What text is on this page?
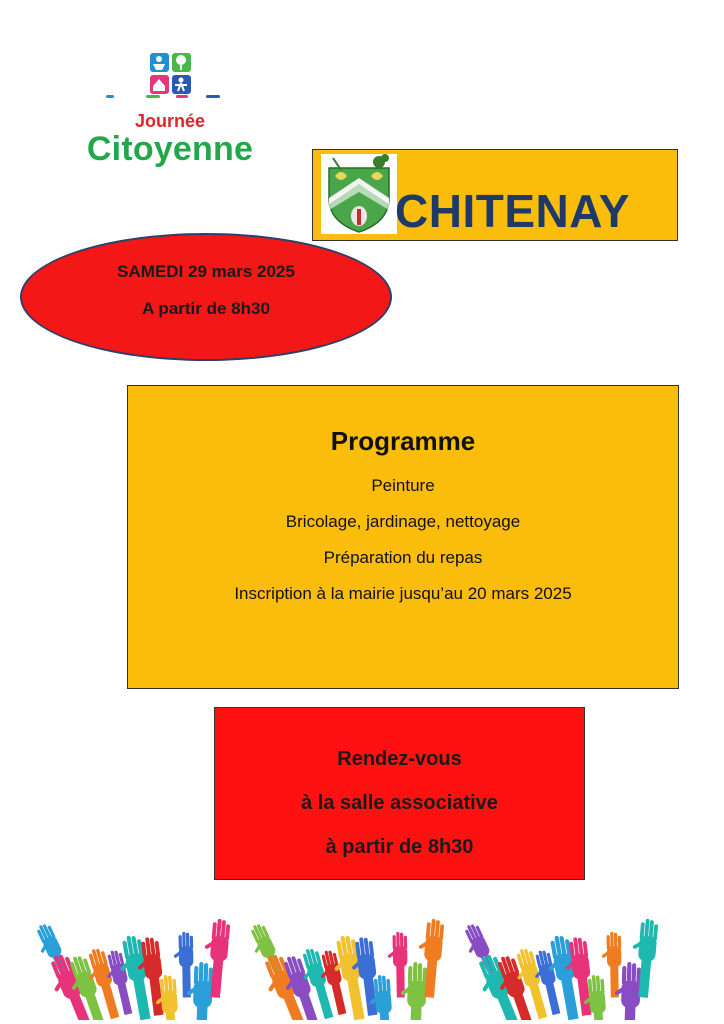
Journée
Citoyenne
CHITENAY
SAMEDI 29 mars 2025
A partir de 8h30
Programme
Peinture
Bricolage, jardinage, nettoyage
Préparation du repas
Inscription à la mairie jusqu’au 20 mars 2025
Rendez-vous
à la salle associative
à partir de 8h30
